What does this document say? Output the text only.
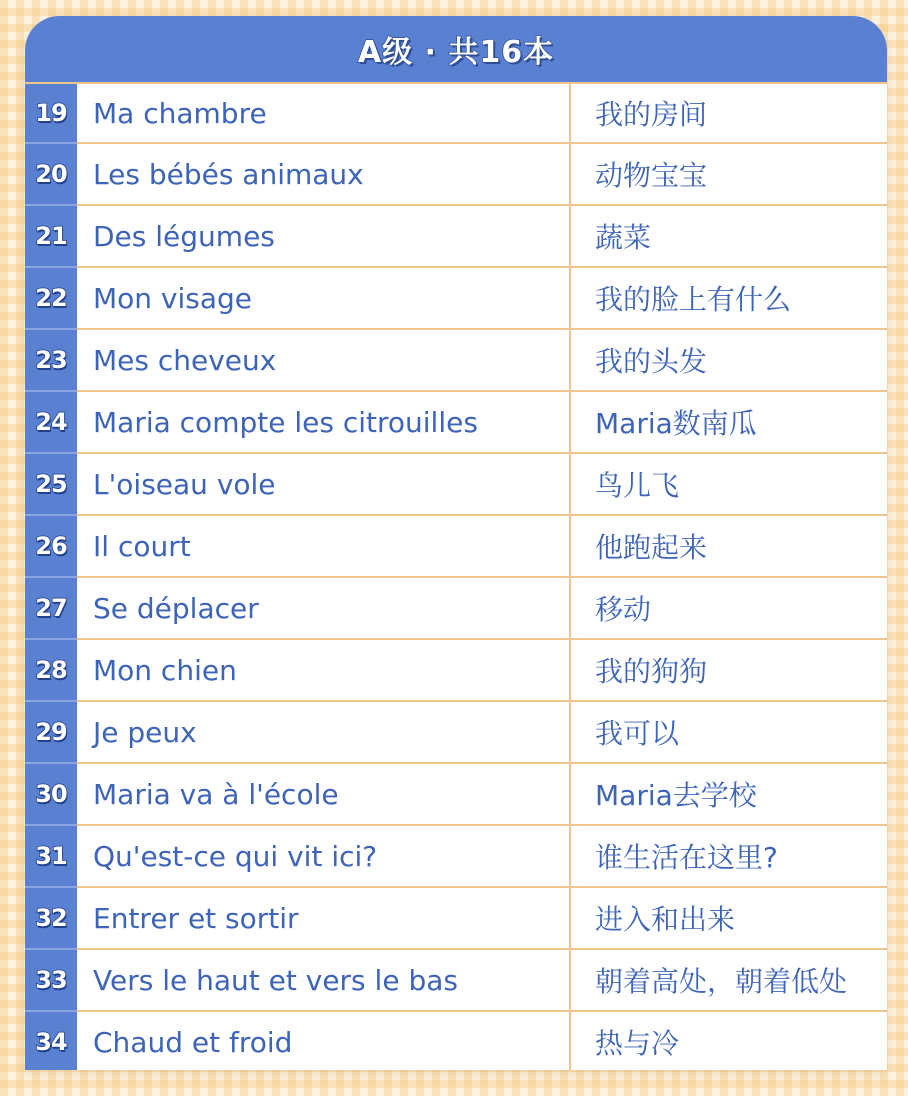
A级 · 共16本
19 Ma chambre	我的房间
20 Les bébés animaux	动物宝宝
21 Des légumes	蔬菜
22 Mon visage	我的脸上有什么
23 Mes cheveux	我的头发
24 Maria compte les citrouilles	Maria数南瓜
25 L'oiseau vole	鸟儿飞
26 Il court	他跑起来
27 Se déplacer	移动
28 Mon chien	我的狗狗
29 Je peux	我可以
30 Maria va à l'école	Maria去学校
31 Qu'est-ce qui vit ici?	谁生活在这里?
32 Entrer et sortir	进入和出来
33 Vers le haut et vers le bas	朝着高处，朝着低处
34 Chaud et froid	热与冷
